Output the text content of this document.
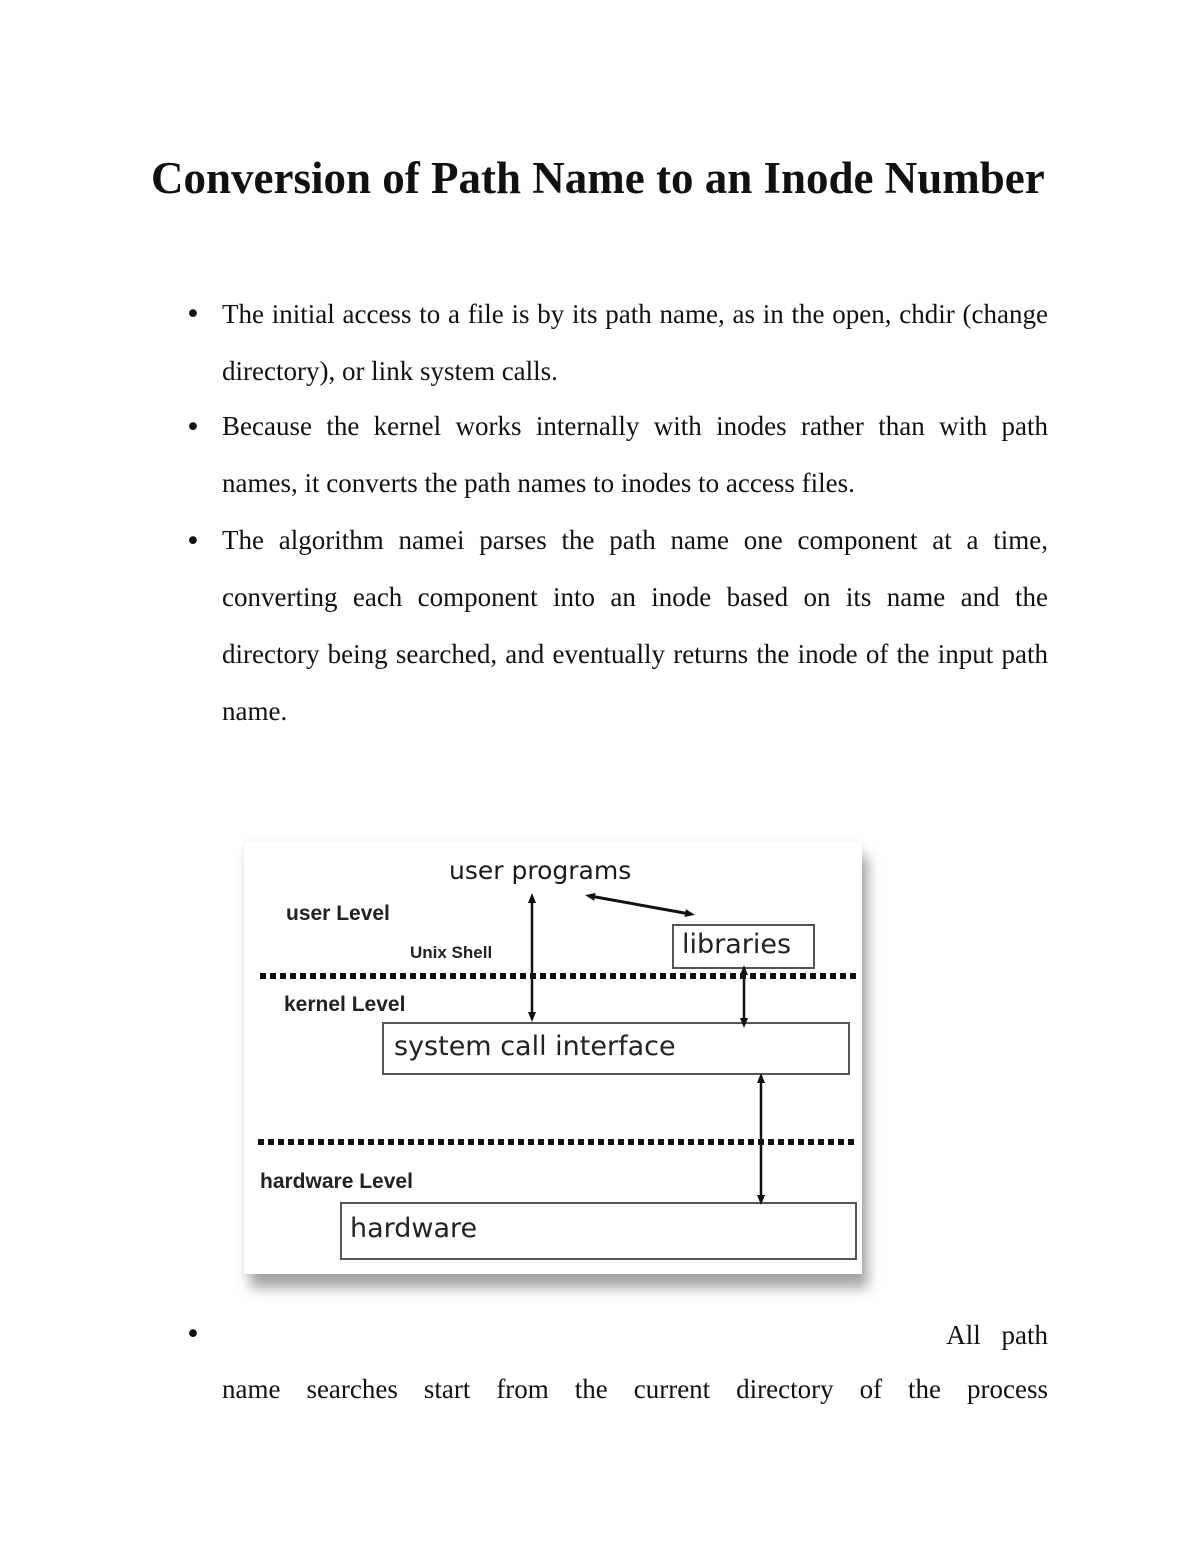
Conversion of Path Name to an Inode Number
• The initial access to a file is by its path name, as in the open, chdir (change directory), or link system calls.

• Because the kernel works internally with inodes rather than with path names, it converts the path names to inodes to access files.

• The algorithm namei parses the path name one component at a time, converting each component into an inode based on its name and the directory being searched, and eventually returns the inode of the input path name.

•	All path
name searches start from the current directory of the process

user programs

user Level

Unix Shell	libraries

kernel Level

system call interface

hardware Level

hardware
